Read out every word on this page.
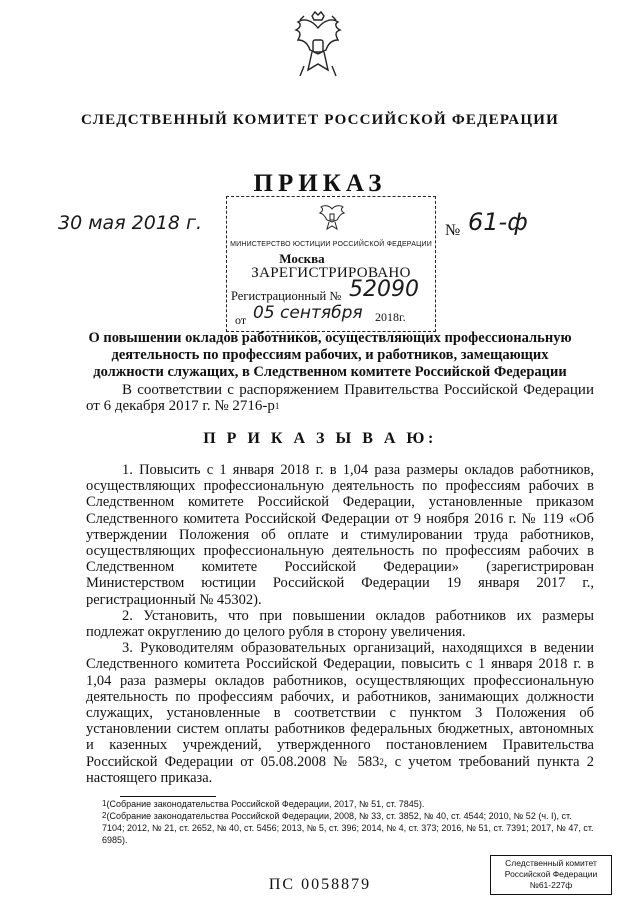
СЛЕДСТВЕННЫЙ КОМИТЕТ РОССИЙСКОЙ ФЕДЕРАЦИИ
ПРИКАЗ
30 мая 2018 г.	№ 61-ф
МИНИСТЕРСТВО ЮСТИЦИИ РОССИЙСКОЙ ФЕДЕРАЦИИ
Москва
ЗАРЕГИСТРИРОВАНО
Регистрационный № 52090
от 05 сентября 2018г.
О повышении окладов работников, осуществляющих профессиональную деятельность по профессиям рабочих, и работников, замещающих должности служащих, в Следственном комитете Российской Федерации
В соответствии с распоряжением Правительства Российской Федерации от 6 декабря 2017 г. № $2716-р^1$
П Р И К А З Ы В А Ю:

1. Повысить с 1 января 2018 г. в 1,04 раза размеры окладов работников, осуществляющих профессиональную деятельность по профессиям рабочих в Следственном комитете Российской Федерации, установленные приказом Следственного комитета Российской Федерации от 9 ноября 2016 г. № 119 «Об утверждении Положения об оплате и стимулировании труда работников, осуществляющих профессиональную деятельность по профессиям рабочих в Следственном комитете Российской Федерации» (зарегистрирован Министерством юстиции Российской Федерации 19 января 2017 г., регистрационный № 45302).

2. Установить, что при повышении окладов работников их размеры подлежат округлению до целого рубля в сторону увеличения.

3. Руководителям образовательных организаций, находящихся в ведении Следственного комитета Российской Федерации, повысить с 1 января 2018 г. в 1,04 раза размеры окладов работников, осуществляющих профессиональную деятельность по профессиям рабочих, и работников, занимающих должности служащих, установленные в соответствии с пунктом 3 Положения об установлении систем оплаты работников федеральных бюджетных, автономных и казенных учреждений, утвержденного постановлением Правительства Российской Федерации от 05.08.2008 № $583^2$, с учетом требований пункта 2 настоящего приказа.

1(Собрание законодательства Российской Федерации, 2017, № 51, ст. 7845).

2(Собрание законодательства Российской Федерации, 2008, № 33, ст. 3852, № 40, ст. 4544; 2010, № 52 (ч. I), ст. 7104; 2012, № 21, ст. 2652, № 40, ст. 5456; 2013, № 5, ст. 396; 2014, № 4, ст. 373; 2016, № 51, ст. 7391; 2017, № 47, ст. 6985).

ПС 0058879
Следственный комитет
Российской Федерации
№61-227ф
